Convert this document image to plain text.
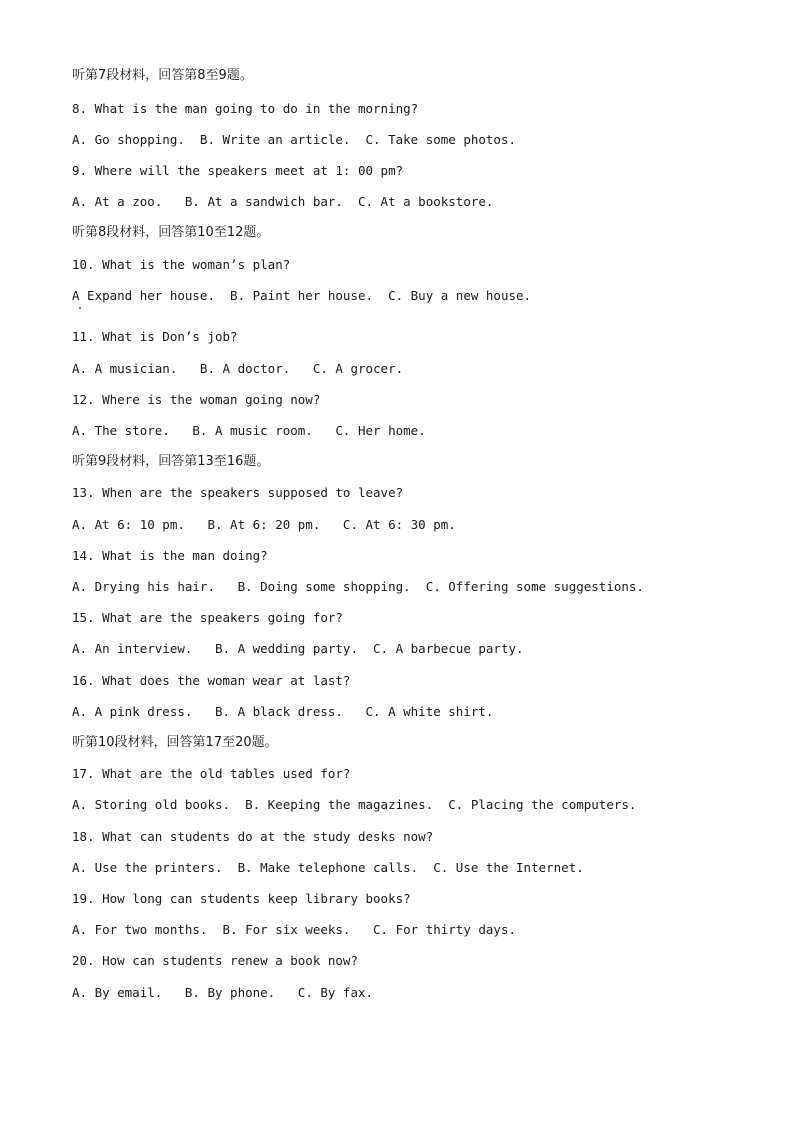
听第7段材料，回答第8至9题。
8. What is the man going to do in the morning?
A. Go shopping.  B. Write an article.  C. Take some photos.
9. Where will the speakers meet at 1: 00 pm?
A. At a zoo.   B. At a sandwich bar.  C. At a bookstore.
听第8段材料，回答第10至12题。
10. What is the woman’s plan?
A Expand her house.  B. Paint her house.  C. Buy a new house.
11. What is Don’s job?
A. A musician.   B. A doctor.   C. A grocer.
12. Where is the woman going now?
A. The store.   B. A music room.   C. Her home.
听第9段材料，回答第13至16题。
13. When are the speakers supposed to leave?
A. At 6: 10 pm.   B. At 6: 20 pm.   C. At 6: 30 pm.
14. What is the man doing?
A. Drying his hair.   B. Doing some shopping.  C. Offering some suggestions.
15. What are the speakers going for?
A. An interview.   B. A wedding party.  C. A barbecue party.
16. What does the woman wear at last?
A. A pink dress.   B. A black dress.   C. A white shirt.
听第10段材料，回答第17至20题。
17. What are the old tables used for?
A. Storing old books.  B. Keeping the magazines.  C. Placing the computers.
18. What can students do at the study desks now?
A. Use the printers.  B. Make telephone calls.  C. Use the Internet.
19. How long can students keep library books?
A. For two months.  B. For six weeks.   C. For thirty days.
20. How can students renew a book now?
A. By email.   B. By phone.   C. By fax.
